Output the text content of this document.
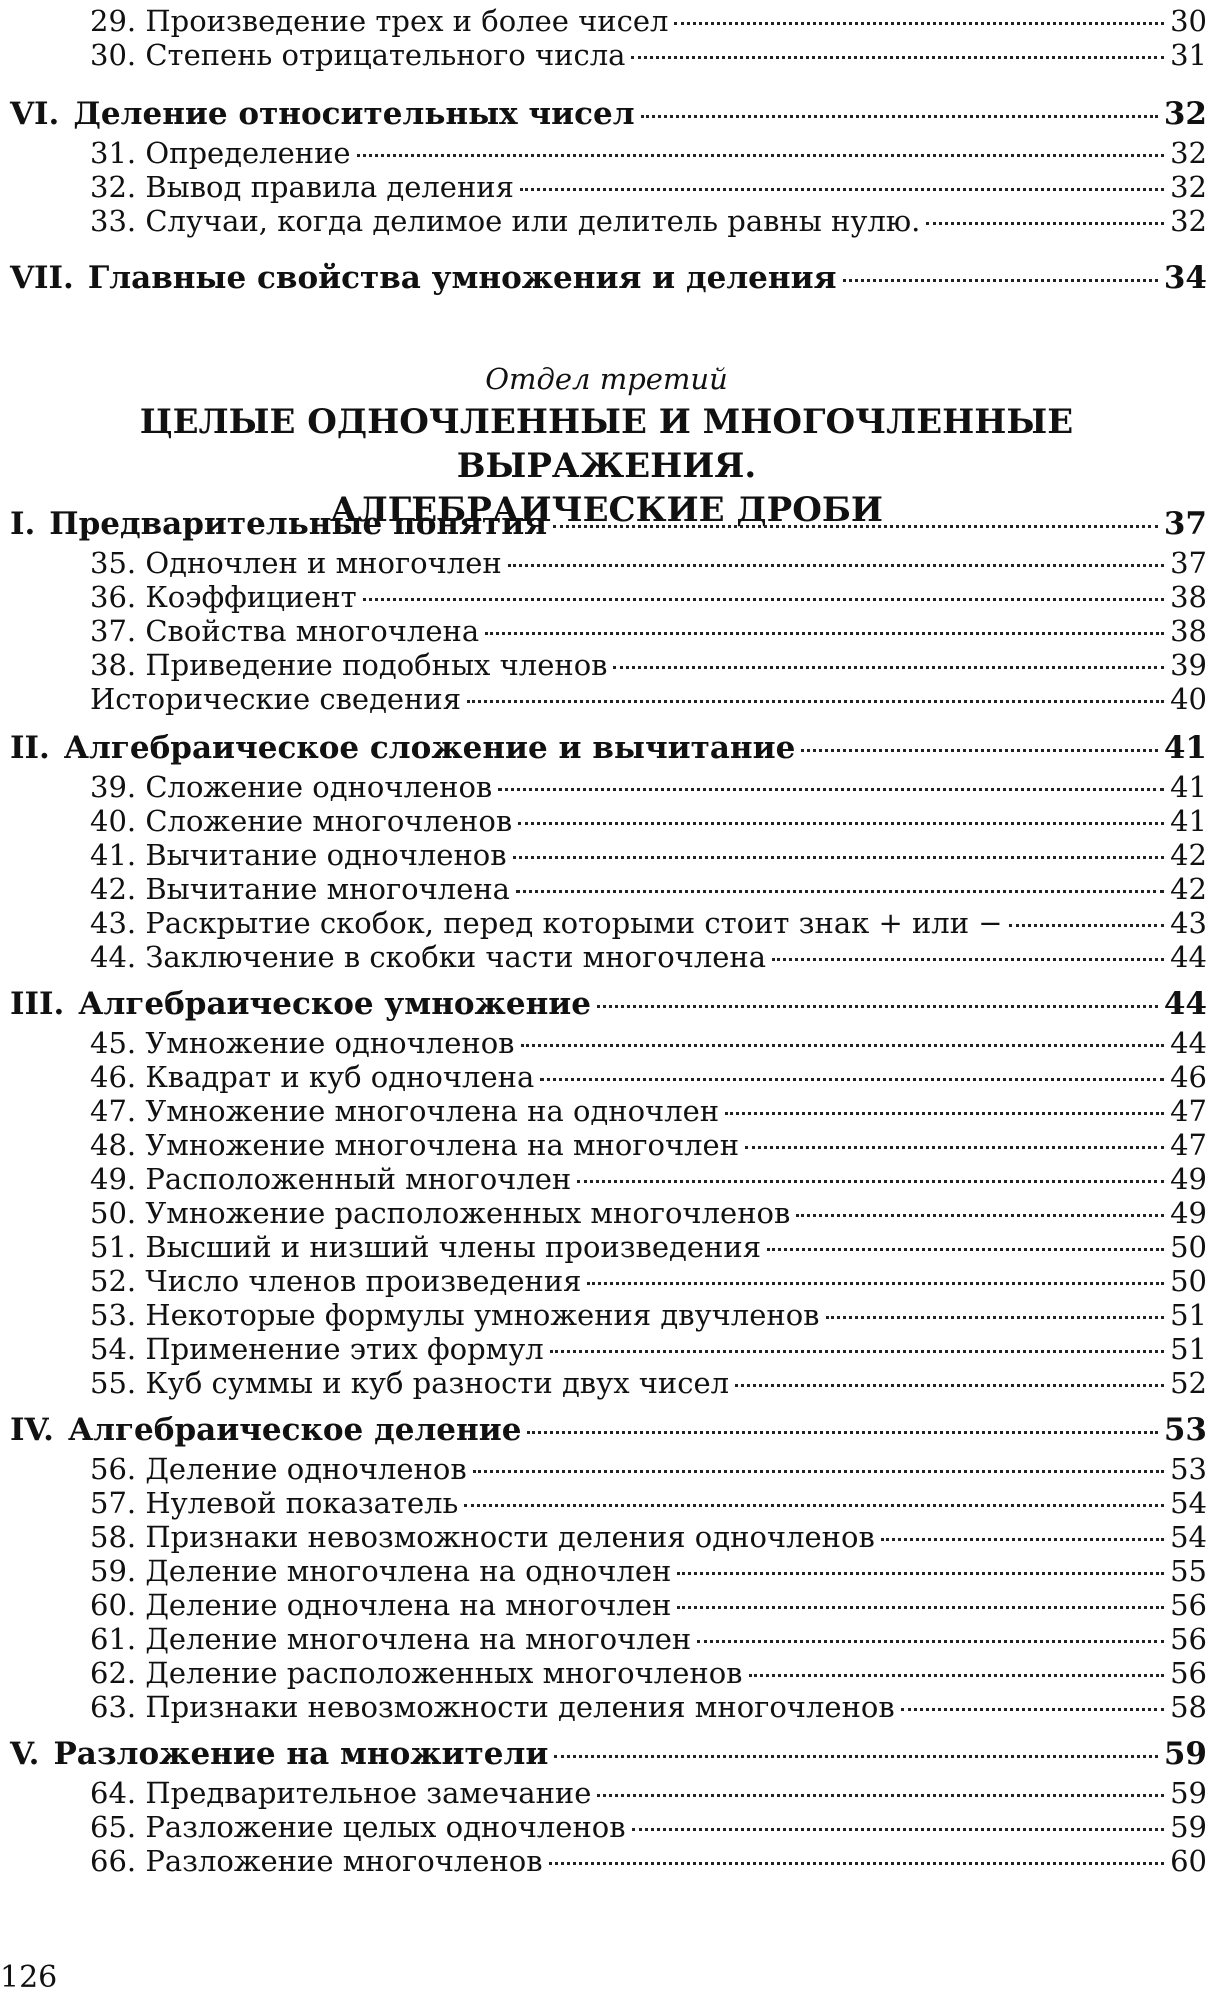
29. Произведение трех и более чисел	30
30. Степень отрицательного числа	31
VI. Деление относительных чисел	32
31. Определение	32
32. Вывод правила деления	32
33. Случаи, когда делимое или делитель равны нулю.	32
VII. Главные свойства умножения и деления	34
Отдел третий
ЦЕЛЫЕ ОДНОЧЛЕННЫЕ И МНОГОЧЛЕННЫЕ ВЫРАЖЕНИЯ.
АЛГЕБРАИЧЕСКИЕ ДРОБИ
I. Предварительные понятия	37
35. Одночлен и многочлен	37
36. Коэффициент	38
37. Свойства многочлена	38
38. Приведение подобных членов	39
Исторические сведения	40
II. Алгебраическое сложение и вычитание	41
39. Сложение одночленов	41
40. Сложение многочленов	41
41. Вычитание одночленов	42
42. Вычитание многочлена	42
43. Раскрытие скобок, перед которыми стоит знак + или −	43
44. Заключение в скобки части многочлена	44
III. Алгебраическое умножение	44
45. Умножение одночленов	44
46. Квадрат и куб одночлена	46
47. Умножение многочлена на одночлен	47
48. Умножение многочлена на многочлен	47
49. Расположенный многочлен	49
50. Умножение расположенных многочленов	49
51. Высший и низший члены произведения	50
52. Число членов произведения	50
53. Некоторые формулы умножения двучленов	51
54. Применение этих формул	51
55. Куб суммы и куб разности двух чисел	52
IV. Алгебраическое деление	53
56. Деление одночленов	53
57. Нулевой показатель	54
58. Признаки невозможности деления одночленов	54
59. Деление многочлена на одночлен	55
60. Деление одночлена на многочлен	56
61. Деление многочлена на многочлен	56
62. Деление расположенных многочленов	56
63. Признаки невозможности деления многочленов	58
V. Разложение на множители	59
64. Предварительное замечание	59
65. Разложение целых одночленов	59
66. Разложение многочленов	60
126
